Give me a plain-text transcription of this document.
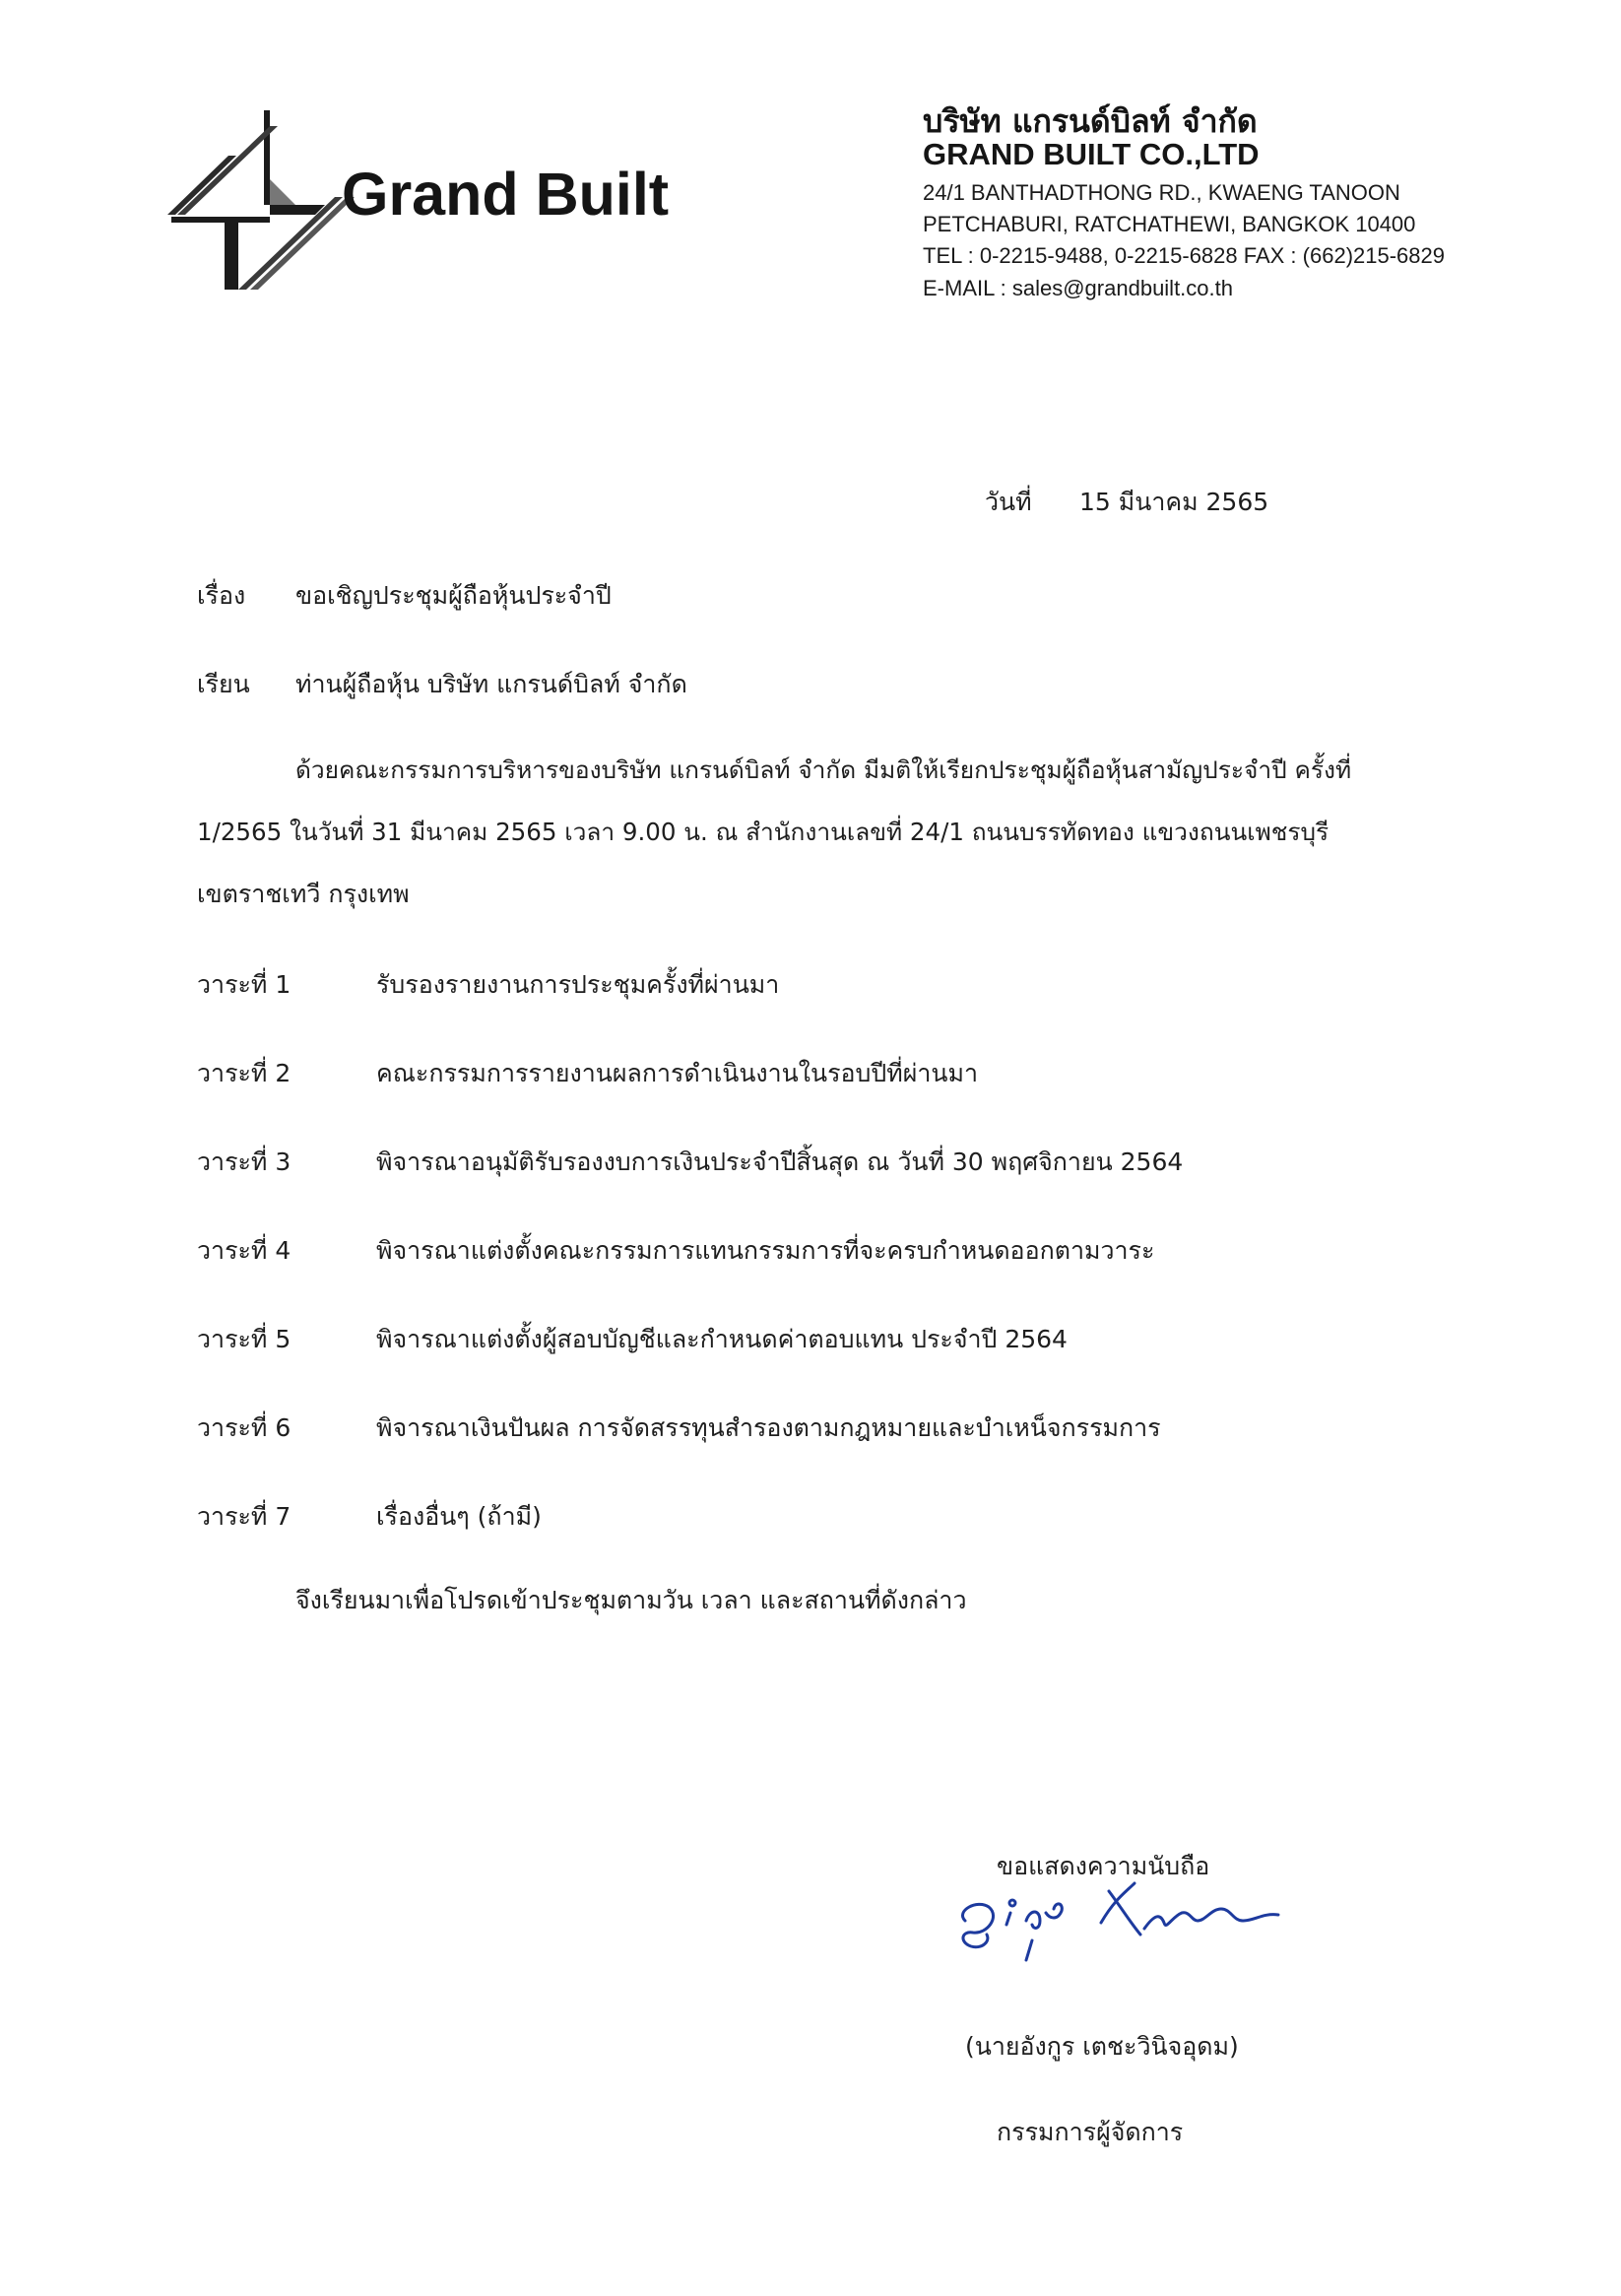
Grand Built
บริษัท แกรนด์บิลท์ จำกัด
GRAND BUILT CO.,LTD
24/1 BANTHADTHONG RD., KWAENG TANOON
PETCHABURI, RATCHATHEWI, BANGKOK 10400
TEL : 0-2215-9488, 0-2215-6828 FAX : (662)215-6829
E-MAIL : sales@grandbuilt.co.th
วันที่ 15 มีนาคม 2565
เรื่อง ขอเชิญประชุมผู้ถือหุ้นประจำปี
เรียน ท่านผู้ถือหุ้น บริษัท แกรนด์บิลท์ จำกัด
ด้วยคณะกรรมการบริหารของบริษัท แกรนด์บิลท์ จำกัด มีมติให้เรียกประชุมผู้ถือหุ้นสามัญประจำปี ครั้งที่
1/2565 ในวันที่ 31 มีนาคม 2565 เวลา 9.00 น. ณ สำนักงานเลขที่ 24/1 ถนนบรรทัดทอง แขวงถนนเพชรบุรี
เขตราชเทวี กรุงเทพ
วาระที่ 1	รับรองรายงานการประชุมครั้งที่ผ่านมา
วาระที่ 2	คณะกรรมการรายงานผลการดำเนินงานในรอบปีที่ผ่านมา
วาระที่ 3	พิจารณาอนุมัติรับรองงบการเงินประจำปีสิ้นสุด ณ วันที่ 30 พฤศจิกายน 2564
วาระที่ 4	พิจารณาแต่งตั้งคณะกรรมการแทนกรรมการที่จะครบกำหนดออกตามวาระ
วาระที่ 5	พิจารณาแต่งตั้งผู้สอบบัญชีและกำหนดค่าตอบแทน ประจำปี 2564
วาระที่ 6	พิจารณาเงินปันผล การจัดสรรทุนสำรองตามกฎหมายและบำเหน็จกรรมการ
วาระที่ 7	เรื่องอื่นๆ (ถ้ามี)
จึงเรียนมาเพื่อโปรดเข้าประชุมตามวัน เวลา และสถานที่ดังกล่าว
ขอแสดงความนับถือ
(นายอังกูร เตชะวินิจอุดม)
กรรมการผู้จัดการ
